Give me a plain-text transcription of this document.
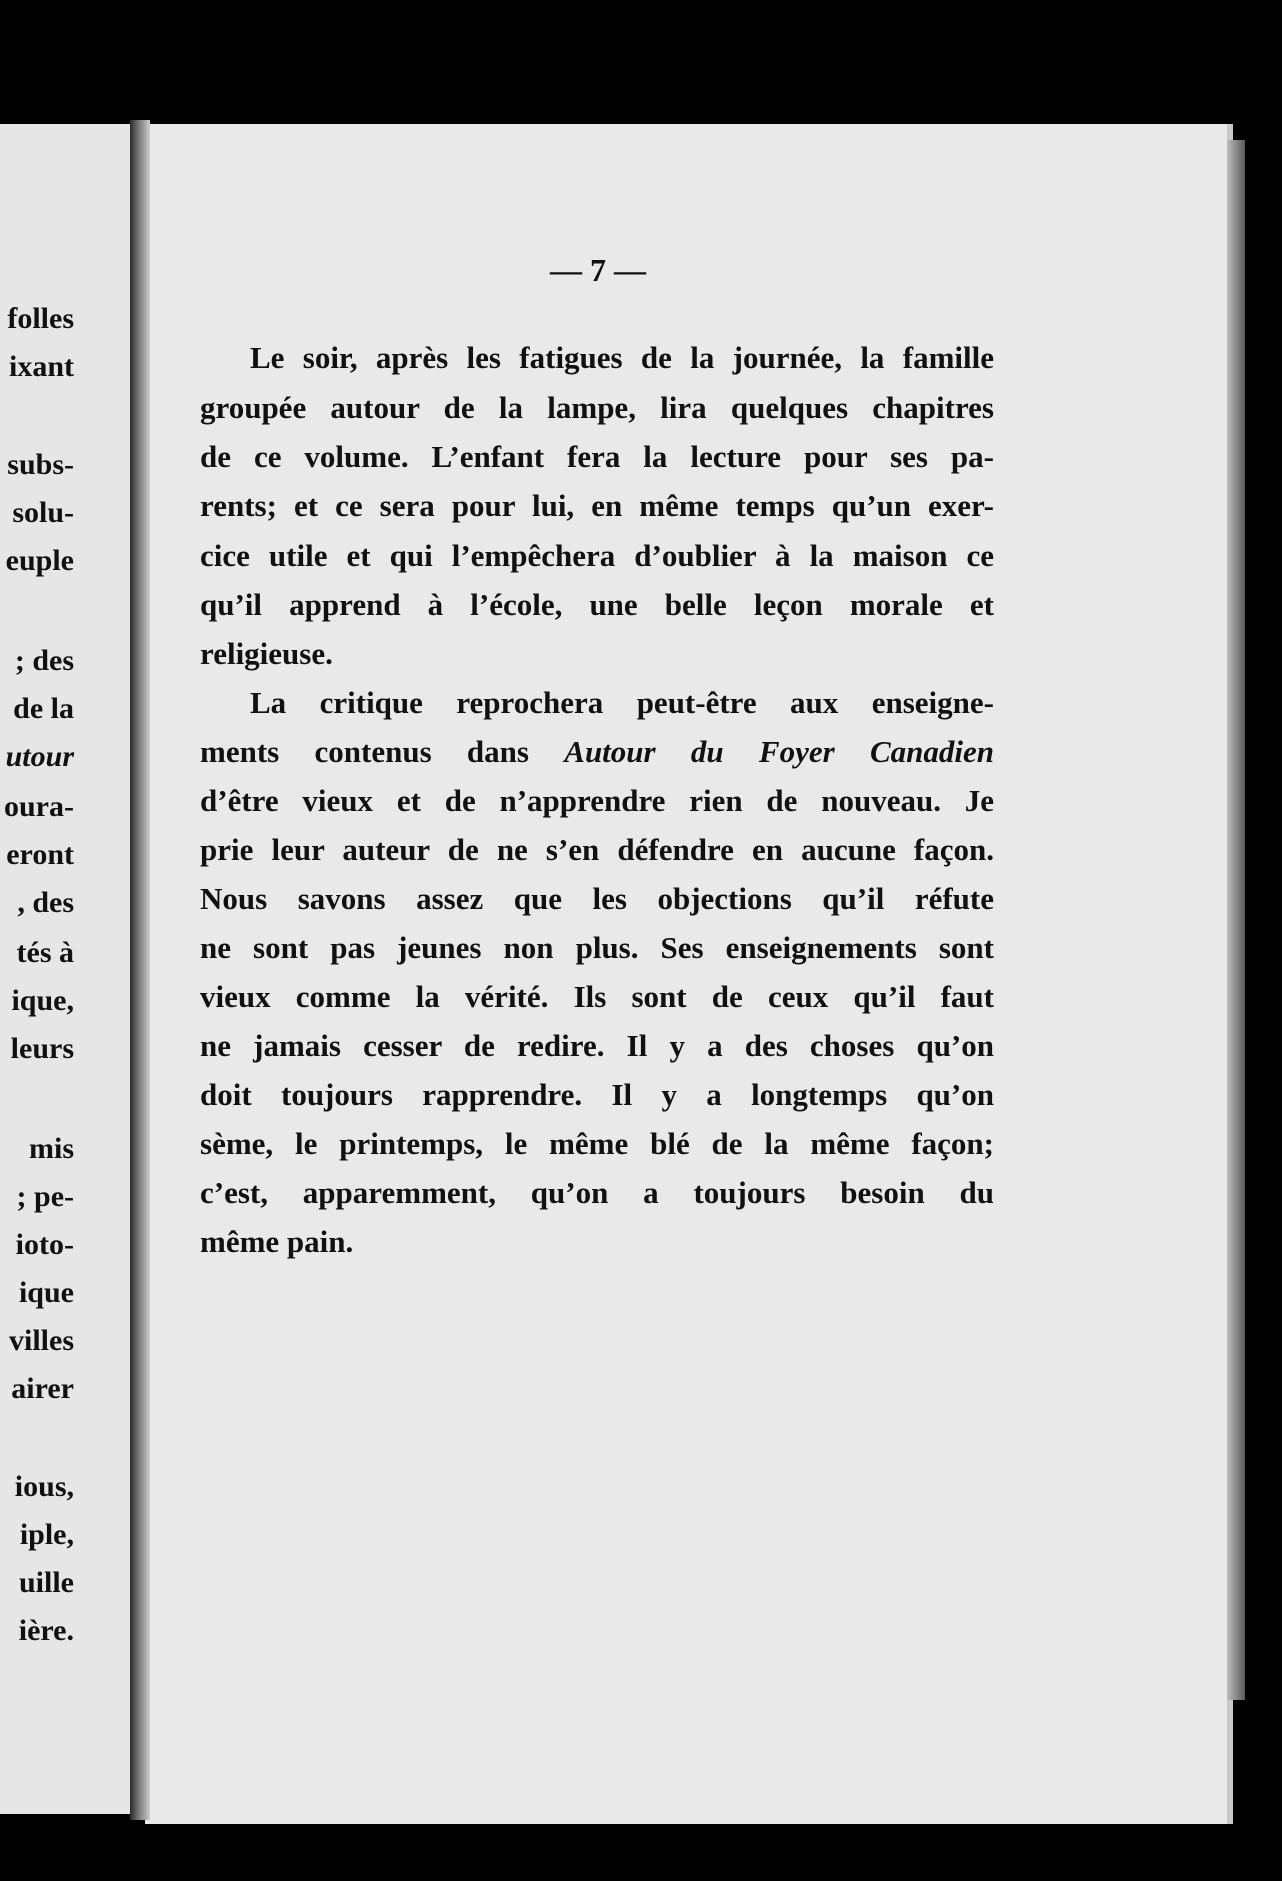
folles
ixant
subs-
solu-
euple
; des
de la
utour
oura-
eront
, des
tés à
ique,
leurs
mis
; pe-
ioto-
ique
villes
airer
ious,
iple,
uille
ière.
— 7 —
Le soir, après les fatigues de la journée, la famille
groupée autour de la lampe, lira quelques chapitres
de ce volume. L’enfant fera la lecture pour ses pa-
rents; et ce sera pour lui, en même temps qu’un exer-
cice utile et qui l’empêchera d’oublier à la maison ce
qu’il apprend à l’école, une belle leçon morale et
religieuse.
La critique reprochera peut-être aux enseigne-
ments contenus dans Autour du Foyer Canadien
d’être vieux et de n’apprendre rien de nouveau. Je
prie leur auteur de ne s’en défendre en aucune façon.
Nous savons assez que les objections qu’il réfute
ne sont pas jeunes non plus. Ses enseignements sont
vieux comme la vérité. Ils sont de ceux qu’il faut
ne jamais cesser de redire. Il y a des choses qu’on
doit toujours rapprendre. Il y a longtemps qu’on
sème, le printemps, le même blé de la même façon;
c’est, apparemment, qu’on a toujours besoin du
même pain.
